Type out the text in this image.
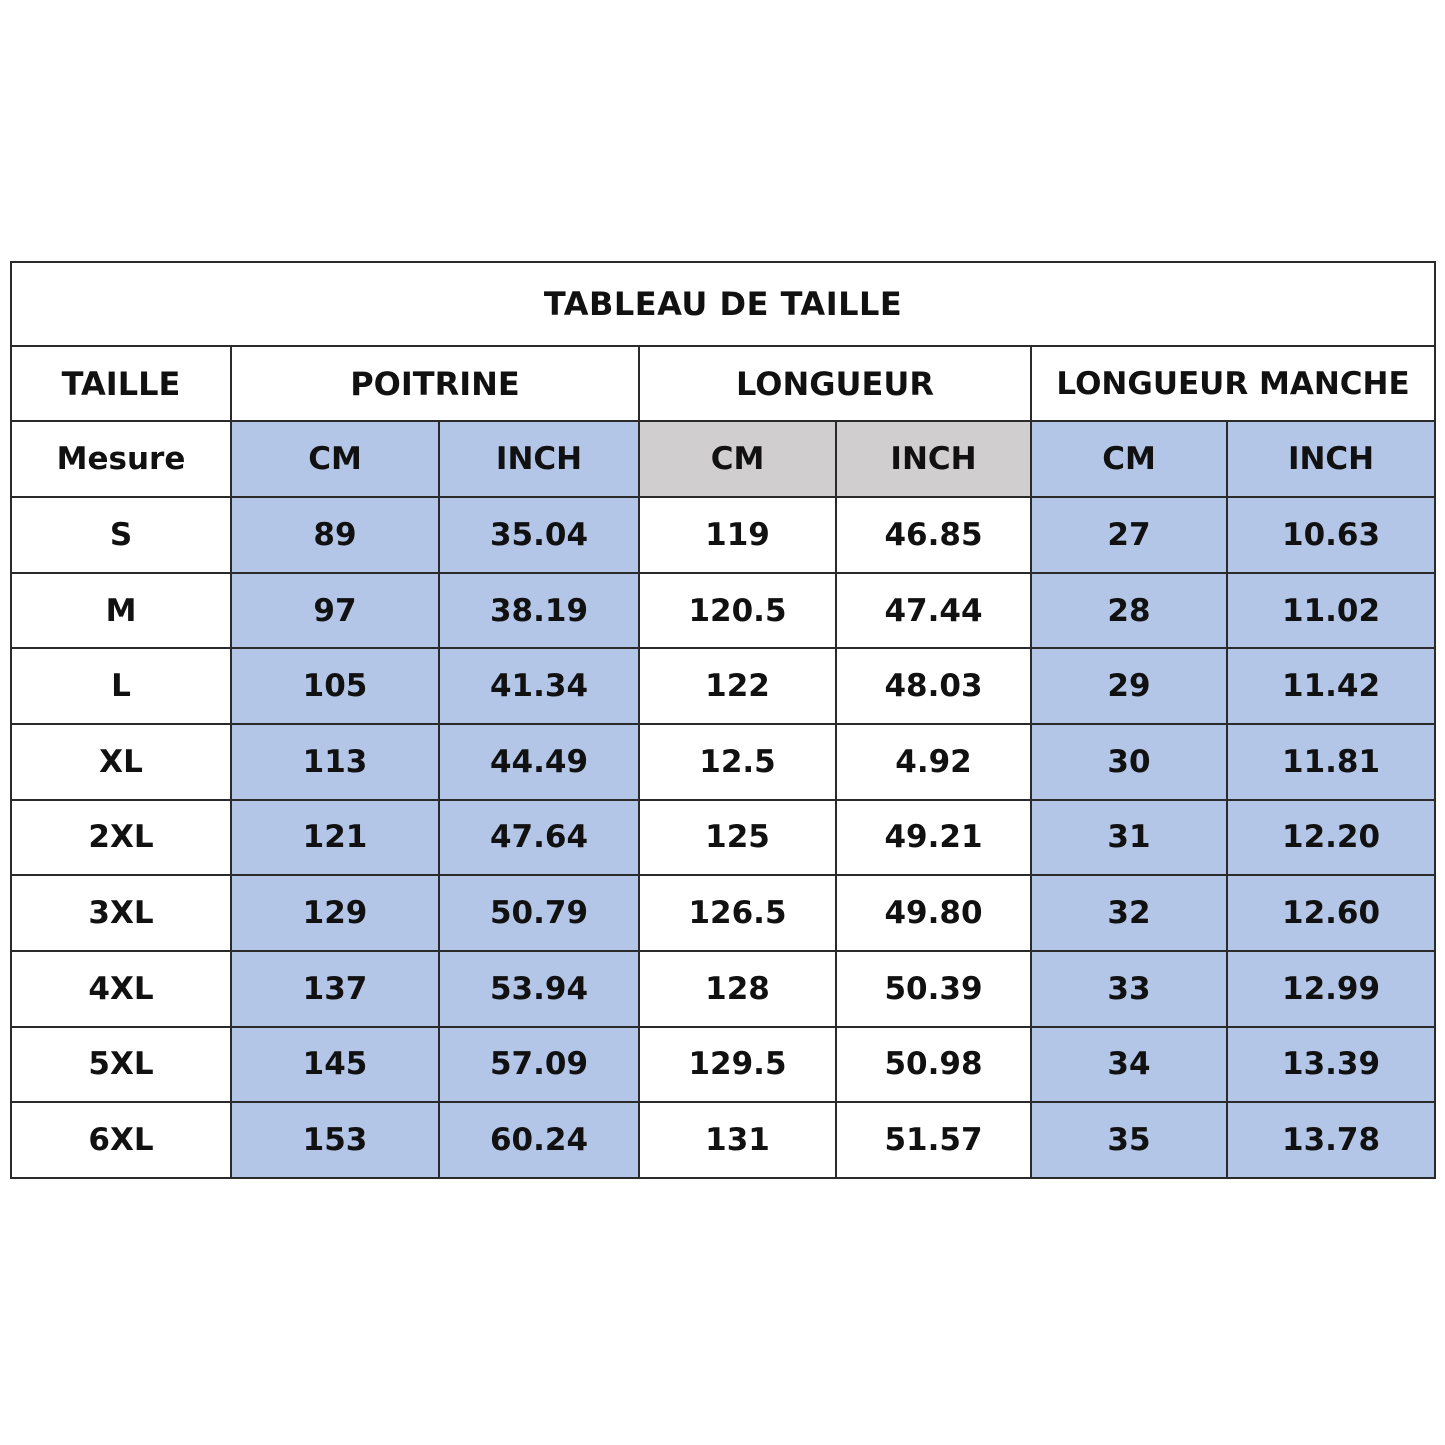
TABLEAU DE TAILLE						
TAILLE	POITRINE		LONGUEUR		LONGUEUR MANCHE	
Mesure	CM	INCH	CM	INCH	CM	INCH
S	89	35.04	119	46.85	27	10.63
M	97	38.19	120.5	47.44	28	11.02
L	105	41.34	122	48.03	29	11.42
XL	113	44.49	12.5	4.92	30	11.81
2XL	121	47.64	125	49.21	31	12.20
3XL	129	50.79	126.5	49.80	32	12.60
4XL	137	53.94	128	50.39	33	12.99
5XL	145	57.09	129.5	50.98	34	13.39
6XL	153	60.24	131	51.57	35	13.78
